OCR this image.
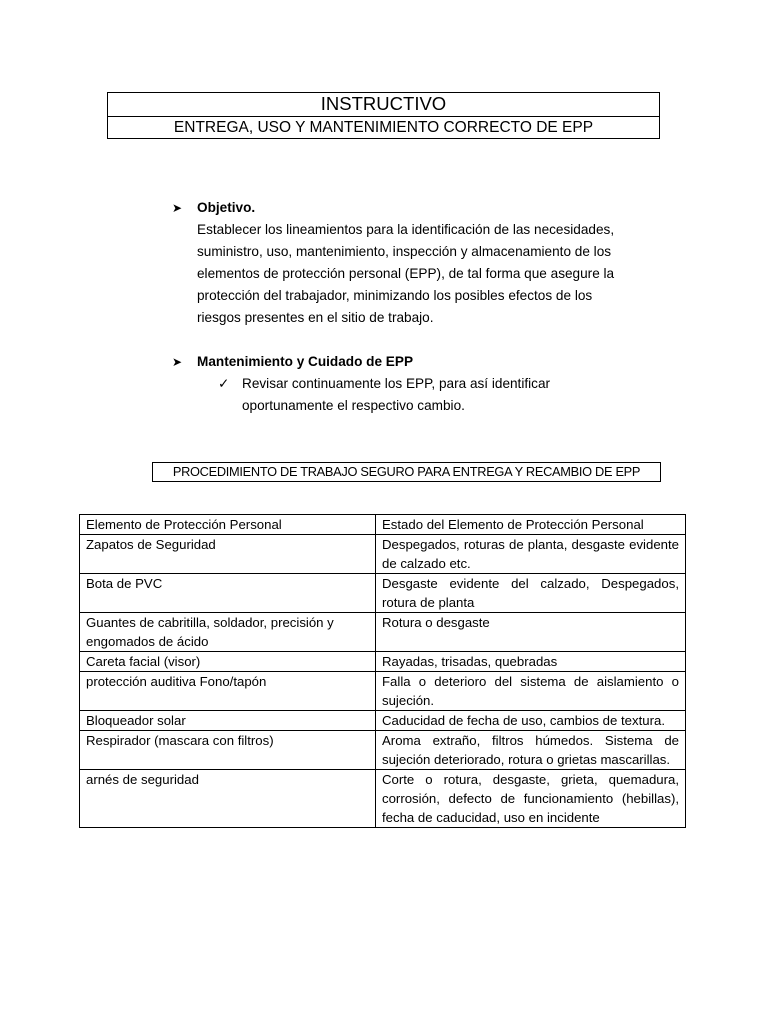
INSTRUCTIVO
ENTREGA, USO Y MANTENIMIENTO CORRECTO DE EPP
➤	Objetivo.
Establecer los lineamientos para la identificación de las necesidades, suministro, uso, mantenimiento, inspección y almacenamiento de los elementos de protección personal (EPP), de tal forma que asegure la protección del trabajador, minimizando los posibles efectos de los riesgos presentes en el sitio de trabajo.
➤	Mantenimiento y Cuidado de EPP
✓ Revisar continuamente los EPP, para así identificar oportunamente el respectivo cambio.
PROCEDIMIENTO DE TRABAJO SEGURO PARA ENTREGA Y RECAMBIO DE EPP
Elemento de Protección Personal	Estado del Elemento de Protección Personal
Zapatos de Seguridad	Despegados, roturas de planta, desgaste evidente de calzado etc.
Bota de PVC	Desgaste evidente del calzado, Despegados, rotura de planta
Guantes de cabritilla, soldador, precisión y engomados de ácido	Rotura o desgaste
Careta facial (visor)	Rayadas, trisadas, quebradas
protección auditiva Fono/tapón	Falla o deterioro del sistema de aislamiento o sujeción.
Bloqueador solar	Caducidad de fecha de uso, cambios de textura.
Respirador (mascara con filtros)	Aroma extraño, filtros húmedos. Sistema de sujeción deteriorado, rotura o grietas mascarillas.
arnés de seguridad	Corte o rotura, desgaste, grieta, quemadura, corrosión, defecto de funcionamiento (hebillas), fecha de caducidad, uso en incidente
